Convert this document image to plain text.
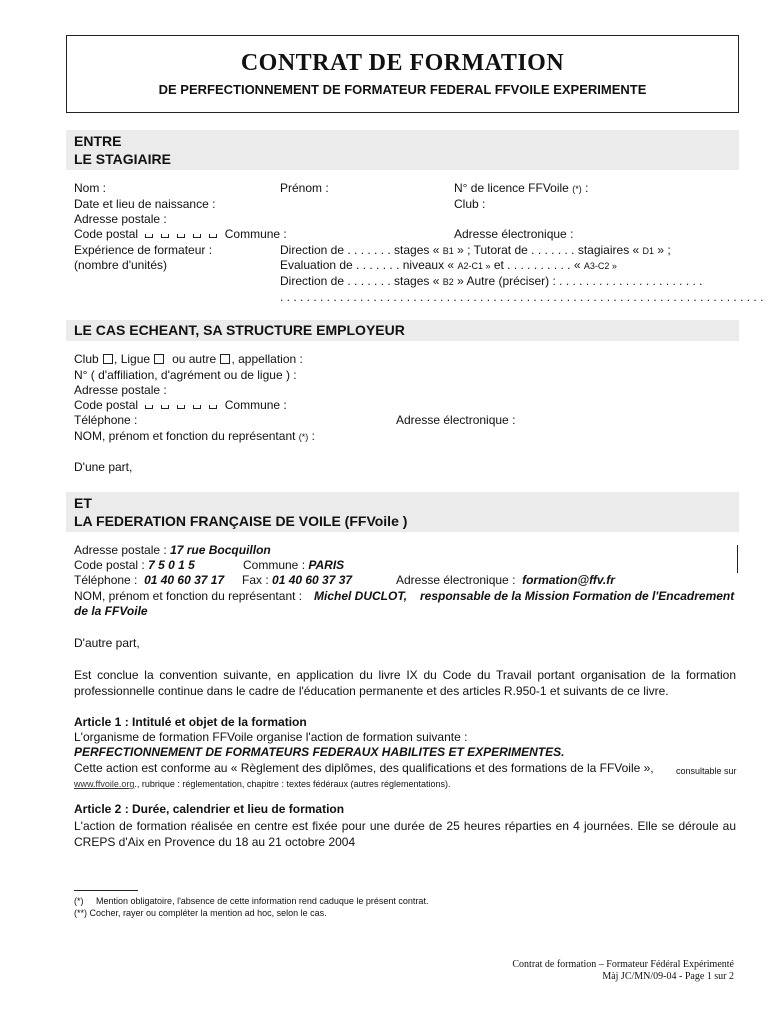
CONTRAT DE FORMATION
DE PERFECTIONNEMENT DE FORMATEUR FEDERAL FFVOILE EXPERIMENTE
ENTRE
LE STAGIAIRE
Nom :	Prénom :	N° de licence FFVoile (*) :
Date et lieu de naissance :	Club :
Adresse postale :
Code postal	Commune :	Adresse électronique :
Expérience de formateur :	Direction de . . . . . . . stages « B1 » ; Tutorat de . . . . . . . stagiaires « D1 » ;
(nombre d'unités)	Evaluation de . . . . . . . niveaux « A2-C1 » et . . . . . . . . . . « A3-C2 »
Direction de . . . . . . . stages « B2 » Autre (préciser) : . . . . . . . . . . . . . . . . . . . . . .
. . . . . . . . . . . . . . . . . . . . . . . . . . . . . . . . . . . . . . . . . . . . . . . . . . . . . . . . . . . . . . . . . . . . . . . . .
LE CAS ECHEANT, SA STRUCTURE EMPLOYEUR
Club , Ligue ou autre , appellation :
N° ( d'affiliation, d'agrément ou de ligue ) :
Adresse postale :
Code postal	Commune :
Téléphone :	Adresse électronique :
NOM, prénom et fonction du représentant (*) :
D'une part,
ET
LA FEDERATION FRANÇAISE DE VOILE (FFVoile )
Adresse postale : 17 rue Bocquillon
Code postal : 7 5 0 1 5	Commune : PARIS
Téléphone : 01 40 60 37 17 Fax : 01 40 60 37 37	Adresse électronique : formation@ffv.fr
NOM, prénom et fonction du représentant : Michel DUCLOT, responsable de la Mission Formation de l'Encadrement
de la FFVoile
D'autre part,
Est conclue la convention suivante, en application du livre IX du Code du Travail portant organisation de la formation professionnelle continue dans le cadre de l'éducation permanente et des articles R.950-1 et suivants de ce livre.
Article 1 : Intitulé et objet de la formation
L'organisme de formation FFVoile organise l'action de formation suivante :
PERFECTIONNEMENT DE FORMATEURS FEDERAUX HABILITES ET EXPERIMENTES.
Cette action est conforme au « Règlement des diplômes, des qualifications et des formations de la FFVoile », consultable sur
www.ffvoile.org., rubrique : réglementation, chapitre : textes fédéraux (autres réglementations).
Article 2 : Durée, calendrier et lieu de formation
L'action de formation réalisée en centre est fixée pour une durée de 25 heures réparties en 4 journées. Elle se déroule au CREPS d'Aix en Provence du 18 au 21 octobre 2004
(*) Mention obligatoire, l'absence de cette information rend caduque le présent contrat.
(**) Cocher, rayer ou compléter la mention ad hoc, selon le cas.
Contrat de formation – Formateur Fédéral Expérimenté
Màj JC/MN/09-04 - Page 1 sur 2
